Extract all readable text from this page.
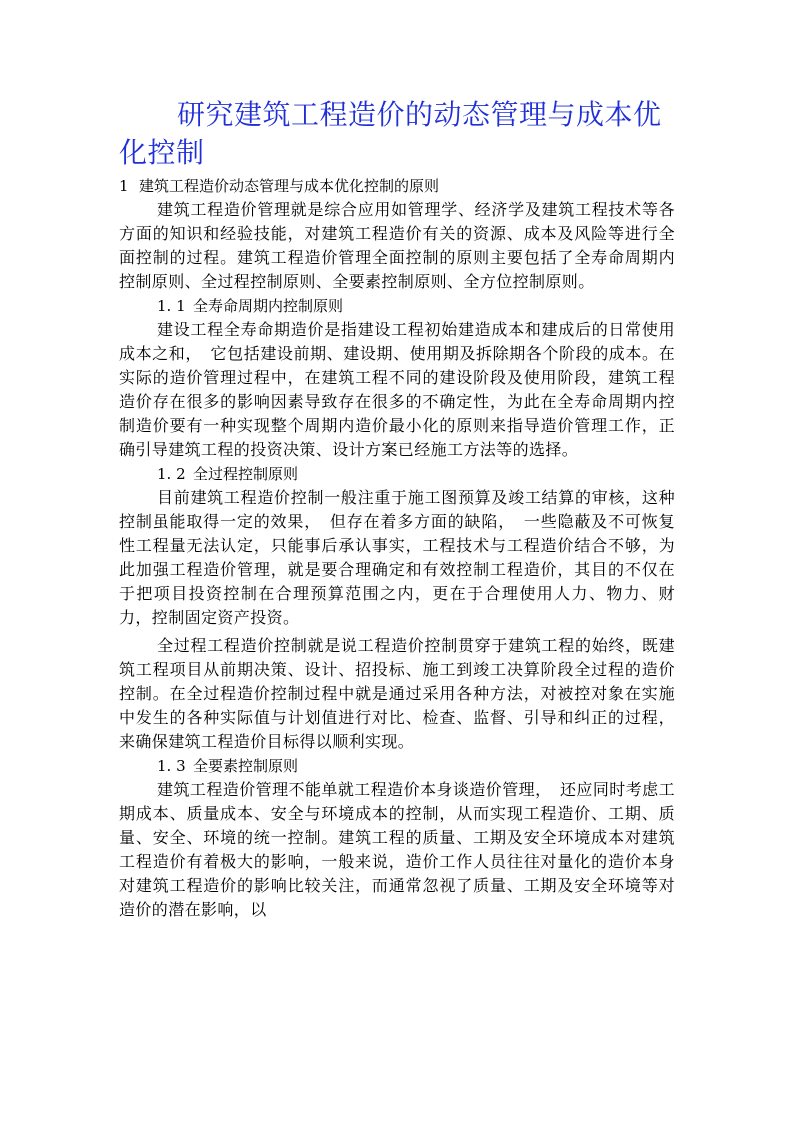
研究建筑工程造价的动态管理与成本优化控制

1 建筑工程造价动态管理与成本优化控制的原则

建筑工程造价管理就是综合应用如管理学、经济学及建筑工程技术等各方面的知识和经验技能，对建筑工程造价有关的资源、成本及风险等进行全面控制的过程。建筑工程造价管理全面控制的原则主要包括了全寿命周期内控制原则、全过程控制原则、全要素控制原则、全方位控制原则。

1. 1 全寿命周期内控制原则

建设工程全寿命期造价是指建设工程初始建造成本和建成后的日常使用成本之和，　它包括建设前期、建设期、使用期及拆除期各个阶段的成本。在实际的造价管理过程中，在建筑工程不同的建设阶段及使用阶段，建筑工程造价存在很多的影响因素导致存在很多的不确定性，为此在全寿命周期内控制造价要有一种实现整个周期内造价最小化的原则来指导造价管理工作，正确引导建筑工程的投资决策、设计方案已经施工方法等的选择。

1. 2 全过程控制原则

目前建筑工程造价控制一般注重于施工图预算及竣工结算的审核，这种控制虽能取得一定的效果，　但存在着多方面的缺陷，　一些隐蔽及不可恢复性工程量无法认定，只能事后承认事实，工程技术与工程造价结合不够，为此加强工程造价管理，就是要合理确定和有效控制工程造价，其目的不仅在于把项目投资控制在合理预算范围之内，更在于合理使用人力、物力、财力，控制固定资产投资。

全过程工程造价控制就是说工程造价控制贯穿于建筑工程的始终，既建筑工程项目从前期决策、设计、招投标、施工到竣工决算阶段全过程的造价控制。在全过程造价控制过程中就是通过采用各种方法，对被控对象在实施中发生的各种实际值与计划值进行对比、检查、监督、引导和纠正的过程，来确保建筑工程造价目标得以顺利实现。

1. 3 全要素控制原则

建筑工程造价管理不能单就工程造价本身谈造价管理，　还应同时考虑工期成本、质量成本、安全与环境成本的控制，从而实现工程造价、工期、质量、安全、环境的统一控制。建筑工程的质量、工期及安全环境成本对建筑工程造价有着极大的影响，一般来说，造价工作人员往往对量化的造价本身对建筑工程造价的影响比较关注，而通常忽视了质量、工期及安全环境等对造价的潜在影响，以
